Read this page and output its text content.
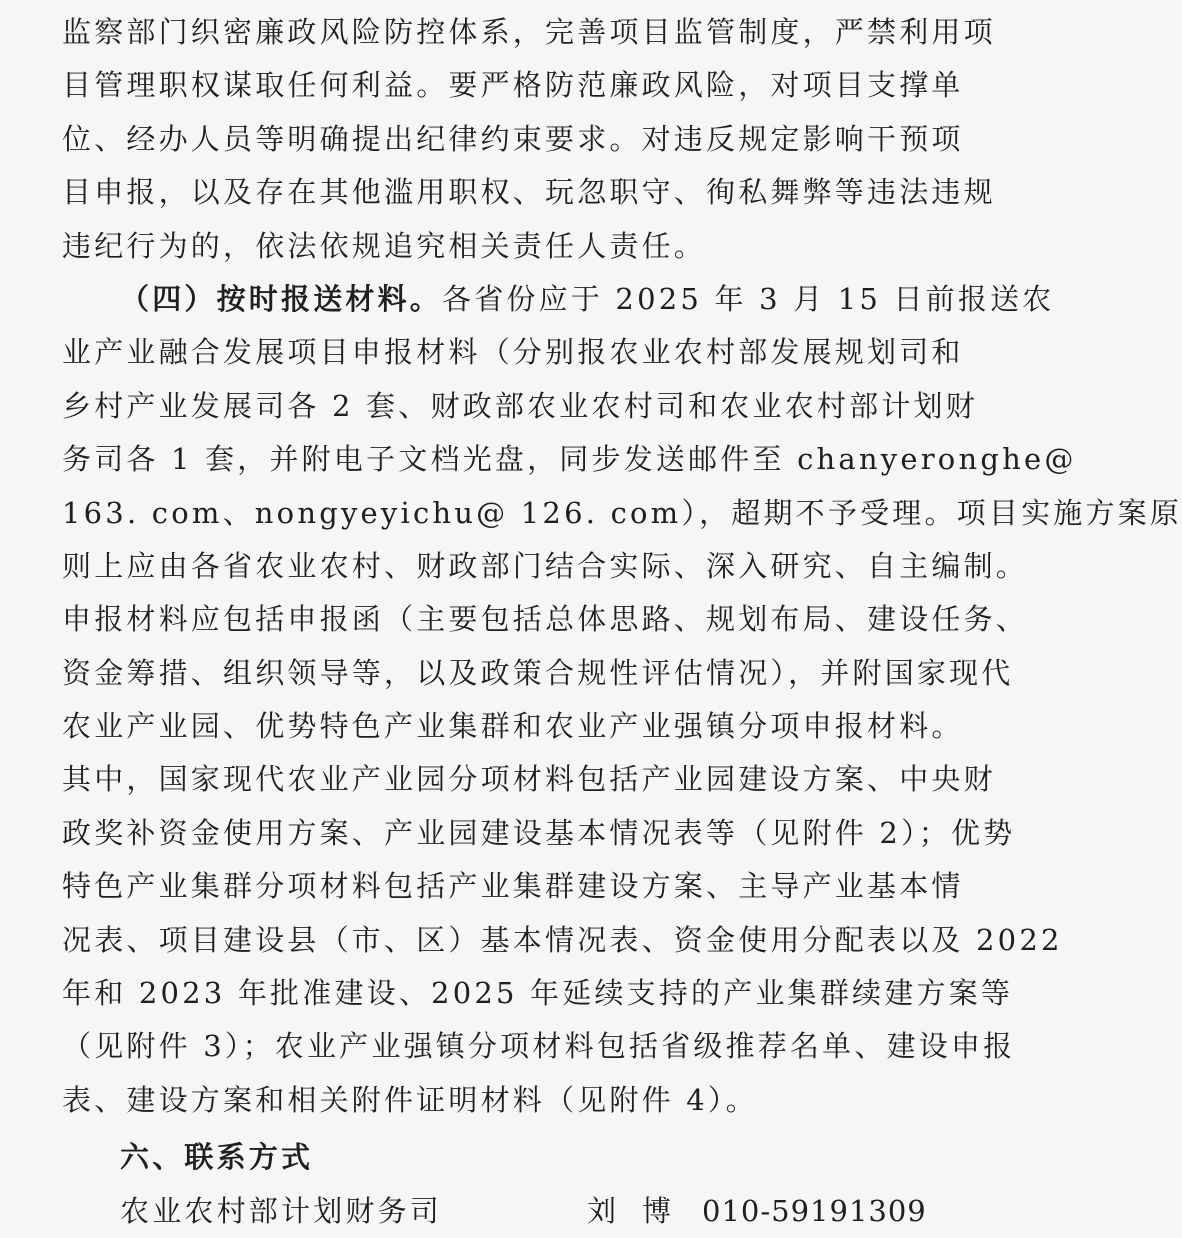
监察部门织密廉政风险防控体系，完善项目监管制度，严禁利用项
目管理职权谋取任何利益。要严格防范廉政风险，对项目支撑单
位、经办人员等明确提出纪律约束要求。对违反规定影响干预项
目申报，以及存在其他滥用职权、玩忽职守、徇私舞弊等违法违规
违纪行为的，依法依规追究相关责任人责任。
（四）按时报送材料。各省份应于 2025 年 3 月 15 日前报送农
业产业融合发展项目申报材料（分别报农业农村部发展规划司和
乡村产业发展司各 2 套、财政部农业农村司和农业农村部计划财
务司各 1 套，并附电子文档光盘，同步发送邮件至 chanyeronghe@
163. com、nongyeyichu@ 126. com），超期不予受理。项目实施方案原
则上应由各省农业农村、财政部门结合实际、深入研究、自主编制。
申报材料应包括申报函（主要包括总体思路、规划布局、建设任务、
资金筹措、组织领导等，以及政策合规性评估情况），并附国家现代
农业产业园、优势特色产业集群和农业产业强镇分项申报材料。
其中，国家现代农业产业园分项材料包括产业园建设方案、中央财
政奖补资金使用方案、产业园建设基本情况表等（见附件 2）；优势
特色产业集群分项材料包括产业集群建设方案、主导产业基本情
况表、项目建设县（市、区）基本情况表、资金使用分配表以及 2022
年和 2023 年批准建设、2025 年延续支持的产业集群续建方案等
（见附件 3）；农业产业强镇分项材料包括省级推荐名单、建设申报
表、建设方案和相关附件证明材料（见附件 4）。
六、联系方式
农业农村部计划财务司	刘博 010-59191309
